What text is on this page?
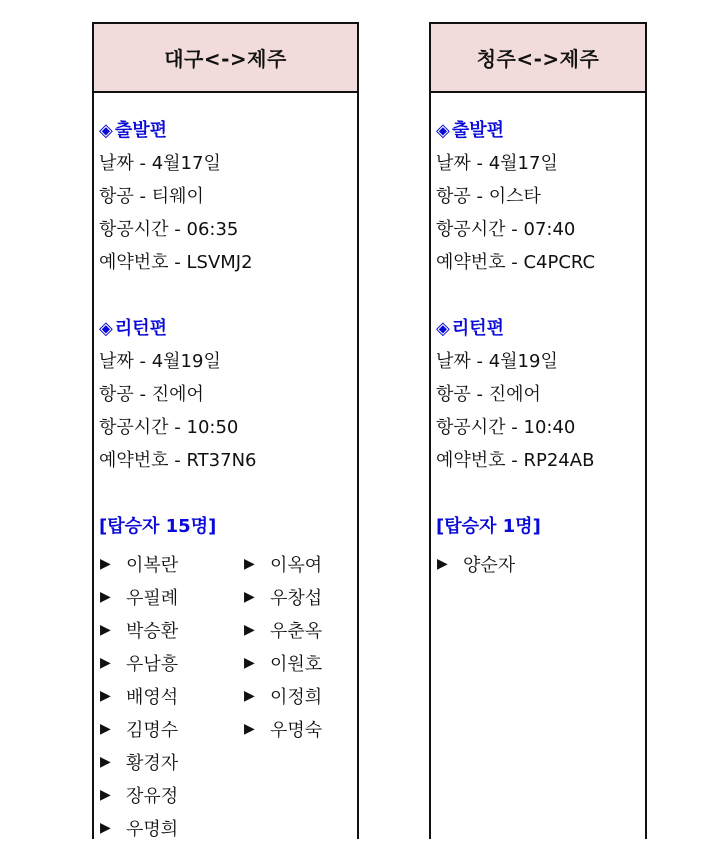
대구<->제주
◈ 출발편
날짜 - 4월17일
항공 - 티웨이
항공시간 - 06:35
예약번호 - LSVMJ2
◈ 리턴편
날짜 - 4월19일
항공 - 진에어
항공시간 - 10:50
예약번호 - RT37N6
[탑승자 15명]
▶ 이복란	▶ 이옥여
▶ 우필례	▶ 우창섭
▶ 박승환	▶ 우춘옥
▶ 우남흥	▶ 이원호
▶ 배영석	▶ 이정희
▶ 김명수	▶ 우명숙
▶ 황경자
▶ 장유정
▶ 우명희
청주<->제주
◈ 출발편
날짜 - 4월17일
항공 - 이스타
항공시간 - 07:40
예약번호 - C4PCRC
◈ 리턴편
날짜 - 4월19일
항공 - 진에어
항공시간 - 10:40
예약번호 - RP24AB
[탑승자 1명]
▶ 양순자
